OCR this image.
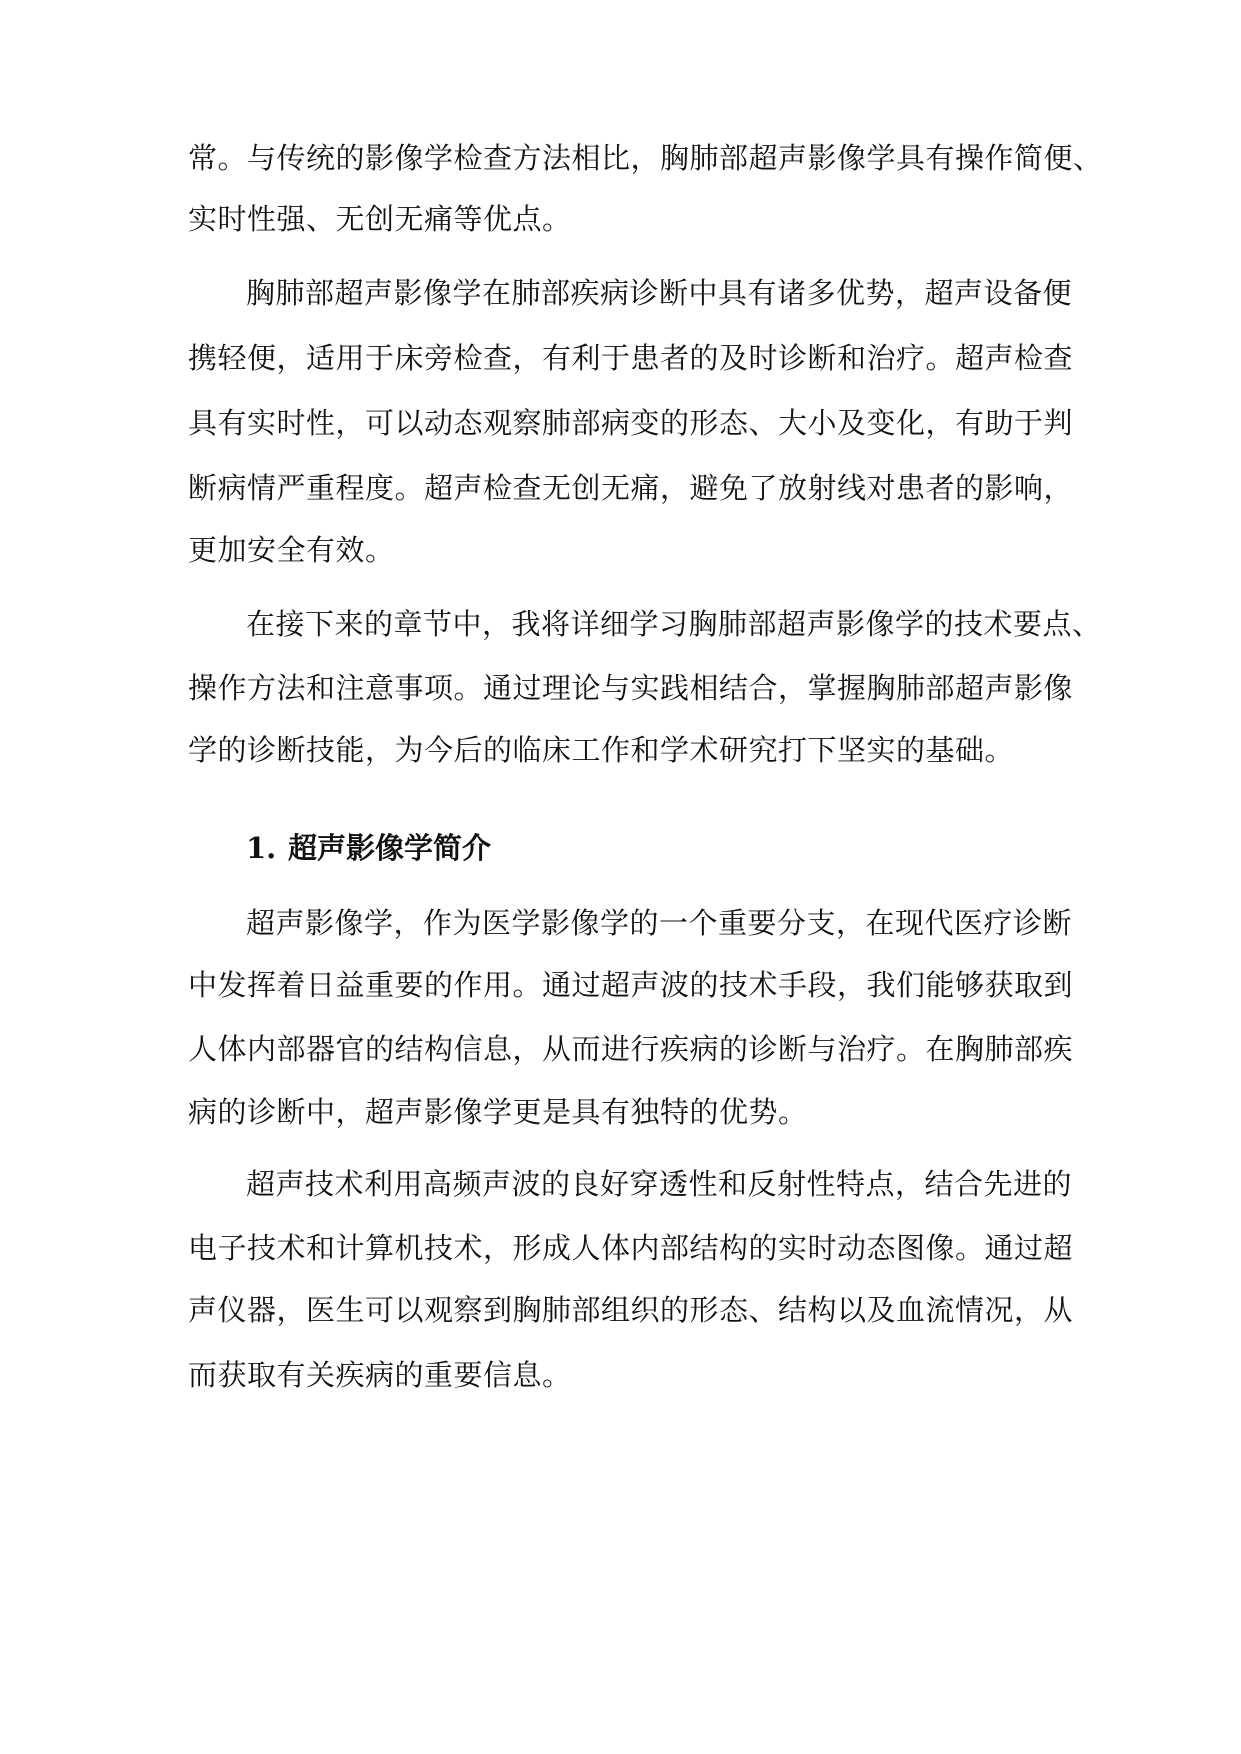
常。与传统的影像学检查方法相比，胸肺部超声影像学具有操作简便、

实时性强、无创无痛等优点。

胸肺部超声影像学在肺部疾病诊断中具有诸多优势，超声设备便

携轻便，适用于床旁检查，有利于患者的及时诊断和治疗。超声检查

具有实时性，可以动态观察肺部病变的形态、大小及变化，有助于判

断病情严重程度。超声检查无创无痛，避免了放射线对患者的影响，

更加安全有效。

在接下来的章节中，我将详细学习胸肺部超声影像学的技术要点、

操作方法和注意事项。通过理论与实践相结合，掌握胸肺部超声影像

学的诊断技能，为今后的临床工作和学术研究打下坚实的基础。

1. 超声影像学简介

超声影像学，作为医学影像学的一个重要分支，在现代医疗诊断

中发挥着日益重要的作用。通过超声波的技术手段，我们能够获取到

人体内部器官的结构信息，从而进行疾病的诊断与治疗。在胸肺部疾

病的诊断中，超声影像学更是具有独特的优势。

超声技术利用高频声波的良好穿透性和反射性特点，结合先进的

电子技术和计算机技术，形成人体内部结构的实时动态图像。通过超

声仪器，医生可以观察到胸肺部组织的形态、结构以及血流情况，从

而获取有关疾病的重要信息。
